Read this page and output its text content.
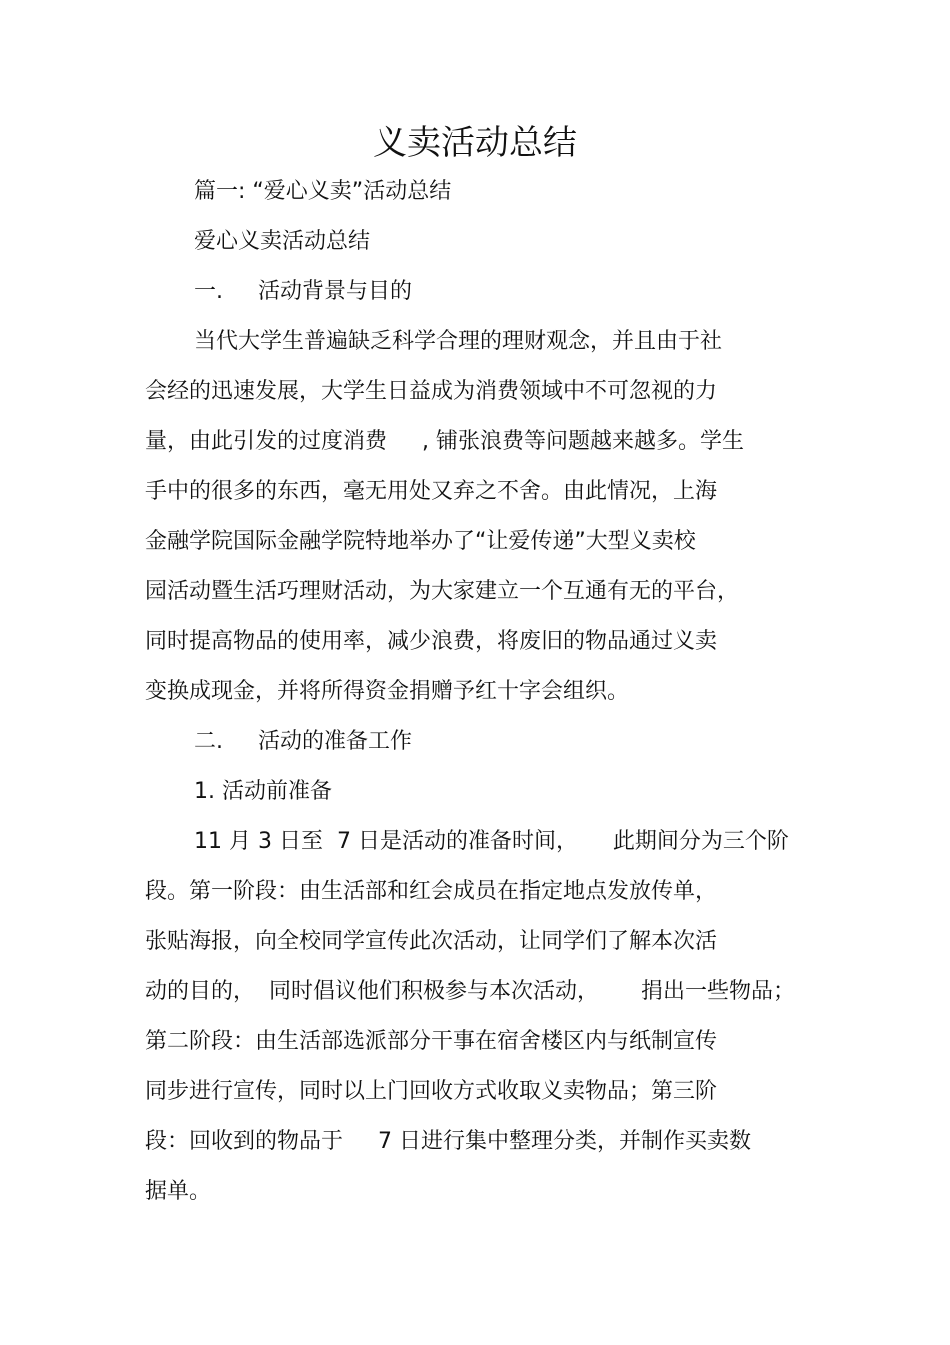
义卖活动总结
篇一: “爱心义卖”活动总结
爱心义卖活动总结
一.     活动背景与目的
当代大学生普遍缺乏科学合理的理财观念，并且由于社
会经的迅速发展，大学生日益成为消费领域中不可忽视的力
量，由此引发的过度消费     , 铺张浪费等问题越来越多。学生
手中的很多的东西，毫无用处又弃之不舍。由此情况，上海
金融学院国际金融学院特地举办了“让爱传递”大型义卖校
园活动暨生活巧理财活动，为大家建立一个互通有无的平台，
同时提高物品的使用率，减少浪费，将废旧的物品通过义卖
变换成现金，并将所得资金捐赠予红十字会组织。
二.     活动的准备工作
1. 活动前准备
11 月 3 日至  7 日是活动的准备时间，     此期间分为三个阶
段。第一阶段：由生活部和红会成员在指定地点发放传单，
张贴海报，向全校同学宣传此次活动，让同学们了解本次活
动的目的，  同时倡议他们积极参与本次活动，      捐出一些物品；
第二阶段：由生活部选派部分干事在宿舍楼区内与纸制宣传
同步进行宣传，同时以上门回收方式收取义卖物品；第三阶
段：回收到的物品于     7 日进行集中整理分类，并制作买卖数
据单。
